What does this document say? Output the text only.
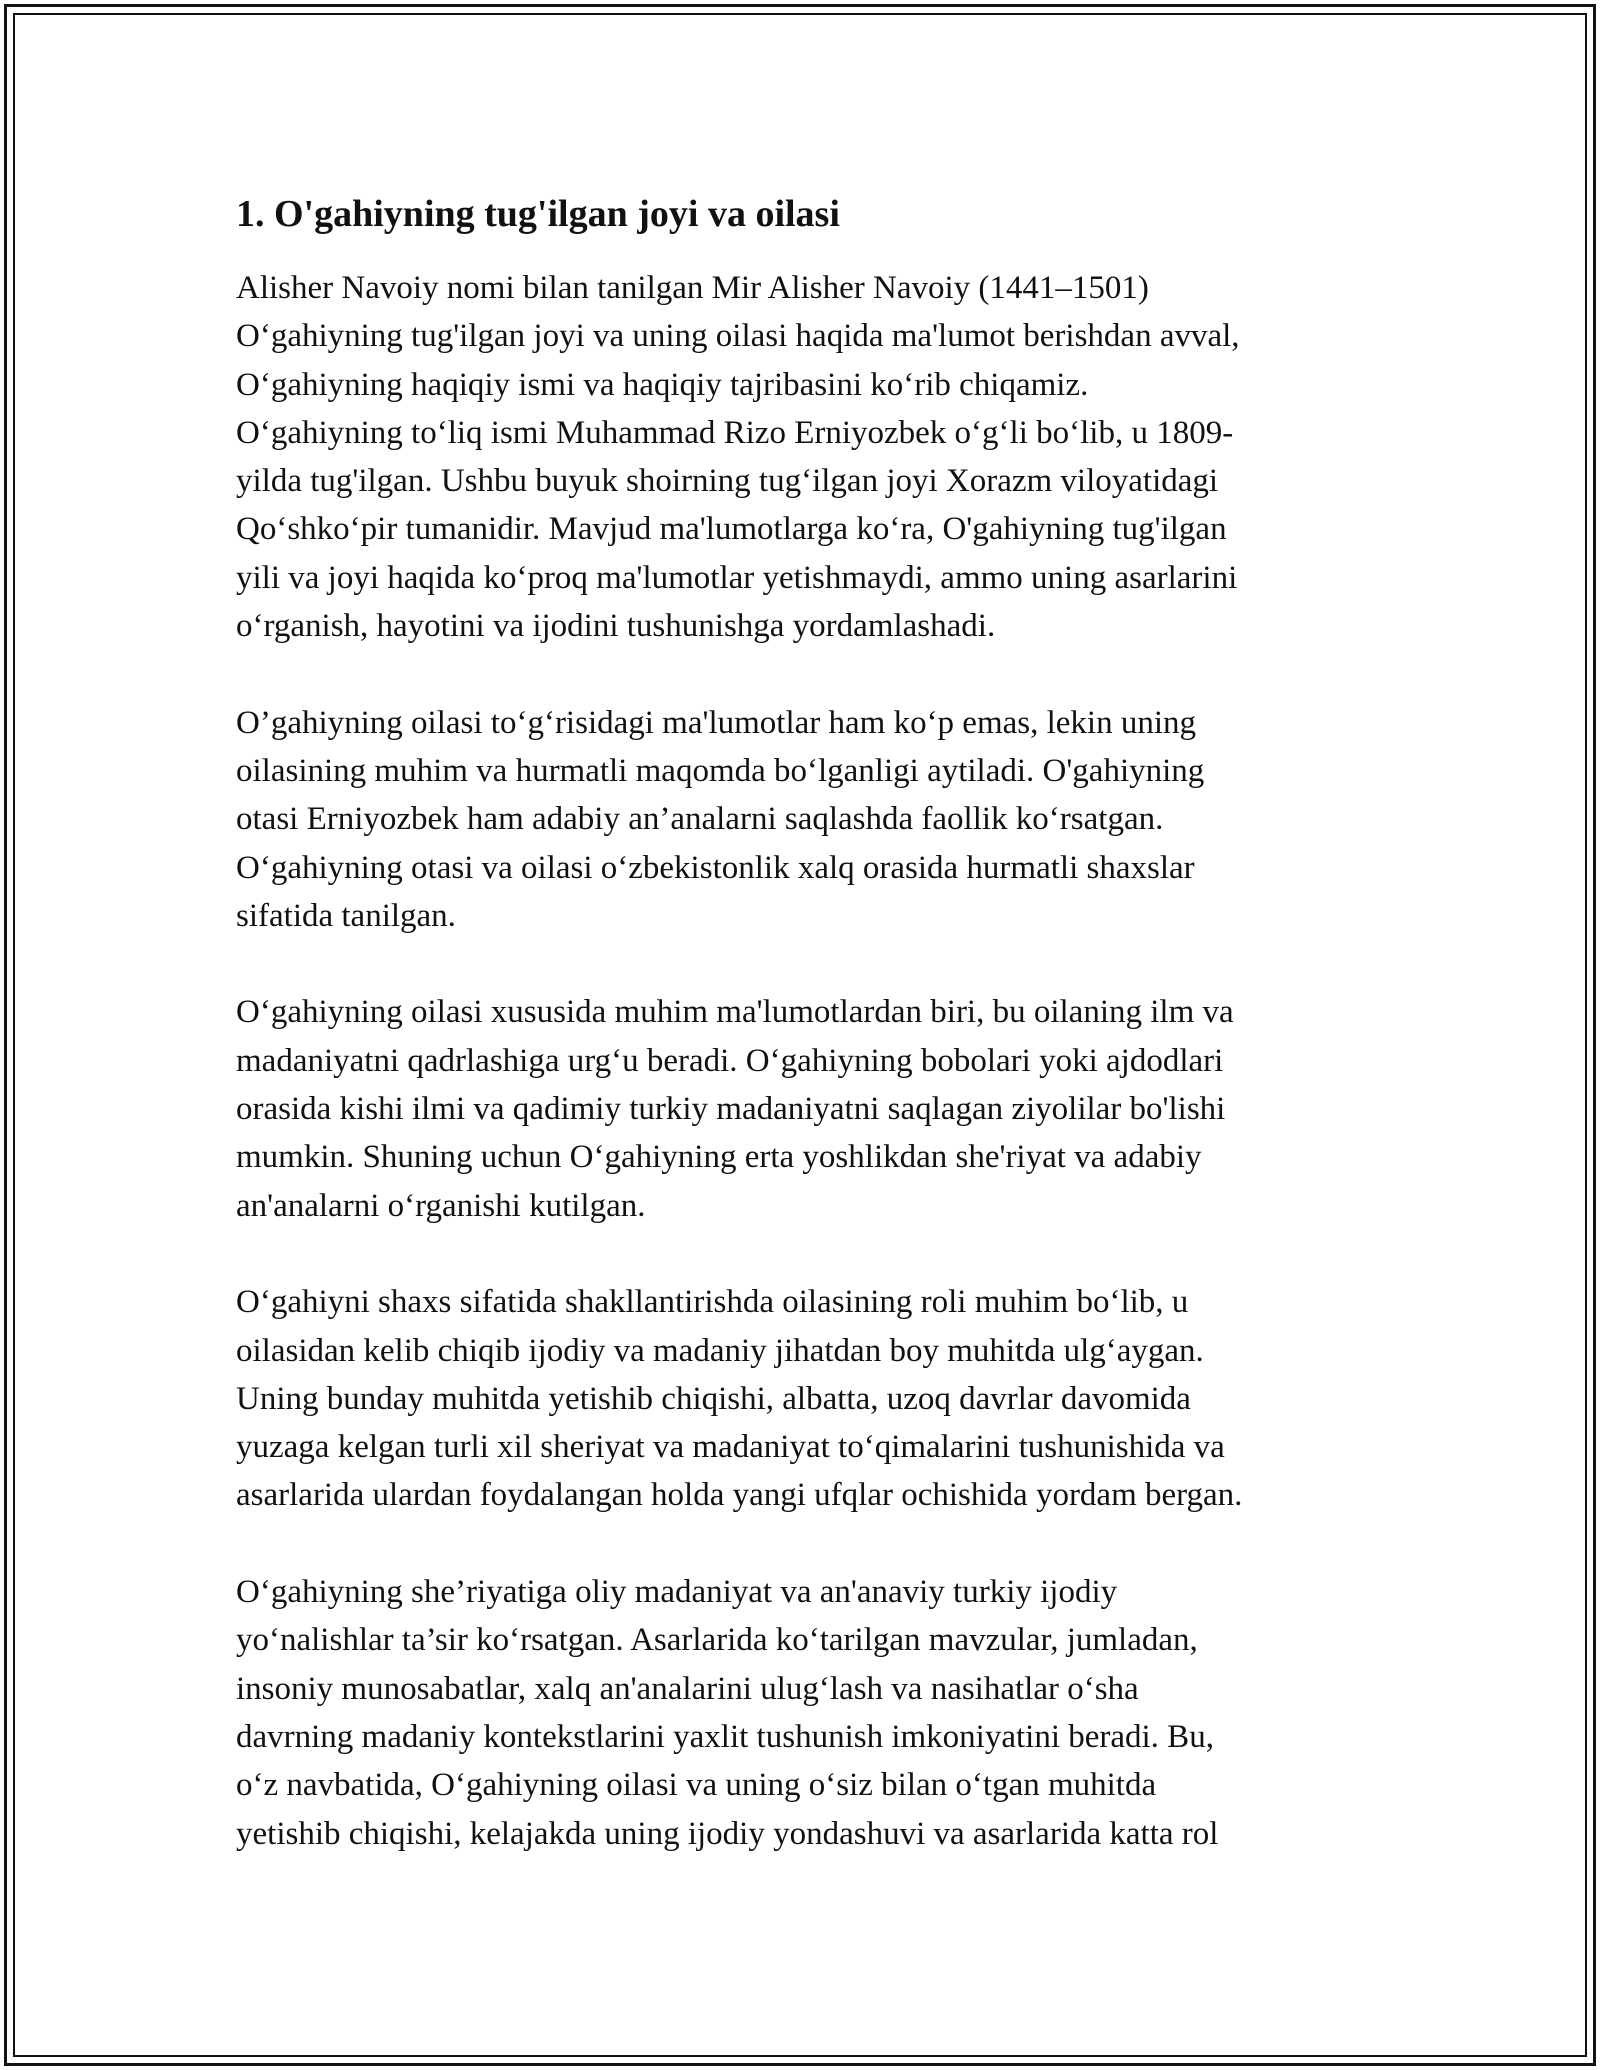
1. O'gahiyning tug'ilgan joyi va oilasi
Alisher Navoiy nomi bilan tanilgan Mir Alisher Navoiy (1441–1501)
O‘gahiyning tug'ilgan joyi va uning oilasi haqida ma'lumot berishdan avval,
O‘gahiyning haqiqiy ismi va haqiqiy tajribasini ko‘rib chiqamiz.
O‘gahiyning to‘liq ismi Muhammad Rizo Erniyozbek o‘g‘li bo‘lib, u 1809-
yilda tug'ilgan. Ushbu buyuk shoirning tug‘ilgan joyi Xorazm viloyatidagi
Qo‘shko‘pir tumanidir. Mavjud ma'lumotlarga ko‘ra, O'gahiyning tug'ilgan
yili va joyi haqida ko‘proq ma'lumotlar yetishmaydi, ammo uning asarlarini
o‘rganish, hayotini va ijodini tushunishga yordamlashadi.
O’gahiyning oilasi to‘g‘risidagi ma'lumotlar ham ko‘p emas, lekin uning
oilasining muhim va hurmatli maqomda bo‘lganligi aytiladi. O'gahiyning
otasi Erniyozbek ham adabiy an’analarni saqlashda faollik ko‘rsatgan.
O‘gahiyning otasi va oilasi o‘zbekistonlik xalq orasida hurmatli shaxslar
sifatida tanilgan.
O‘gahiyning oilasi xususida muhim ma'lumotlardan biri, bu oilaning ilm va
madaniyatni qadrlashiga urg‘u beradi. O‘gahiyning bobolari yoki ajdodlari
orasida kishi ilmi va qadimiy turkiy madaniyatni saqlagan ziyolilar bo'lishi
mumkin. Shuning uchun O‘gahiyning erta yoshlikdan she'riyat va adabiy
an'analarni o‘rganishi kutilgan.
O‘gahiyni shaxs sifatida shakllantirishda oilasining roli muhim bo‘lib, u
oilasidan kelib chiqib ijodiy va madaniy jihatdan boy muhitda ulg‘aygan.
Uning bunday muhitda yetishib chiqishi, albatta, uzoq davrlar davomida
yuzaga kelgan turli xil sheriyat va madaniyat to‘qimalarini tushunishida va
asarlarida ulardan foydalangan holda yangi ufqlar ochishida yordam bergan.
O‘gahiyning she’riyatiga oliy madaniyat va an'anaviy turkiy ijodiy
yo‘nalishlar ta’sir ko‘rsatgan. Asarlarida ko‘tarilgan mavzular, jumladan,
insoniy munosabatlar, xalq an'analarini ulug‘lash va nasihatlar o‘sha
davrning madaniy kontekstlarini yaxlit tushunish imkoniyatini beradi. Bu,
o‘z navbatida, O‘gahiyning oilasi va uning o‘siz bilan o‘tgan muhitda
yetishib chiqishi, kelajakda uning ijodiy yondashuvi va asarlarida katta rol
